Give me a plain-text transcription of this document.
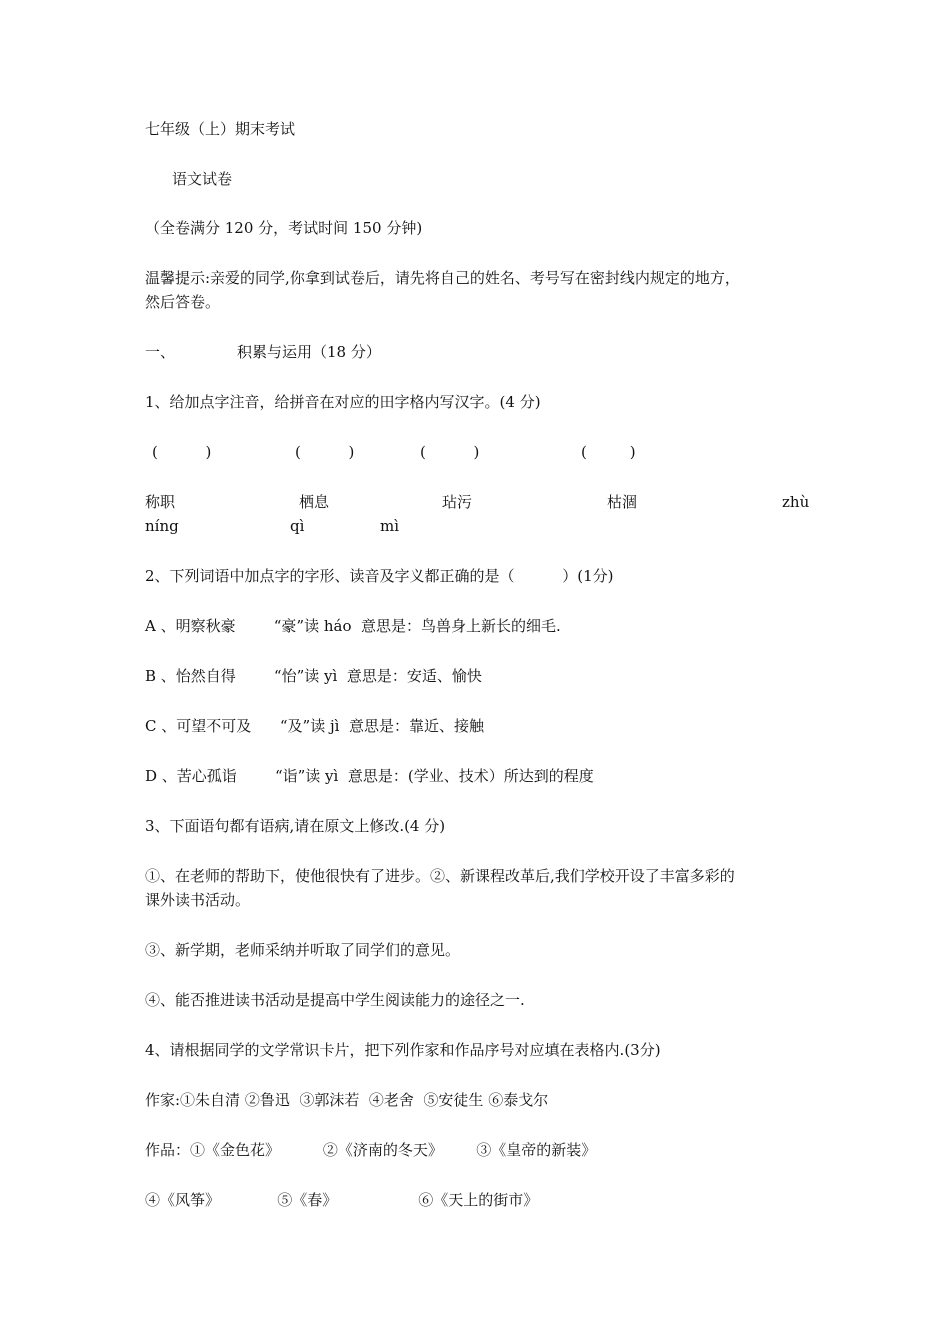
七年级（上）期末考试
语文试卷
（全卷满分 120 分，考试时间 150 分钟)
温馨提示:亲爱的同学,你拿到试卷后，请先将自己的姓名、考号写在密封线内规定的地方，
然后答卷。
一、	积累与运用（18 分）
1、给加点字注音，给拼音在对应的田字格内写汉字。(4 分)
(          )	(          )	(          )	(         )
称职	栖息	玷污	枯涸	zhù
níng	qì	mì
2、下列词语中加点字的字形、读音及字义都正确的是（          ）(1分)
A 、明察秋豪        “豪”读 háo  意思是：鸟兽身上新长的细毛.
B 、怡然自得        “怡”读 yì  意思是：安适、愉快
C 、可望不可及      “及”读 jì  意思是：靠近、接触
D 、苦心孤诣        “诣”读 yì  意思是：(学业、技术）所达到的程度
3、下面语句都有语病,请在原文上修改.(4 分)
①、在老师的帮助下，使他很快有了进步。②、新课程改革后,我们学校开设了丰富多彩的
课外读书活动。
③、新学期，老师采纳并听取了同学们的意见。
④、能否推进读书活动是提高中学生阅读能力的途径之一.
4、请根据同学的文学常识卡片，把下列作家和作品序号对应填在表格内.(3分)
作家:①朱自清 ②鲁迅  ③郭沫若  ④老舍  ⑤安徒生 ⑥泰戈尔
作品：①《金色花》         ②《济南的冬天》       ③《皇帝的新装》
④《风筝》            ⑤《春》                 ⑥《天上的街市》
